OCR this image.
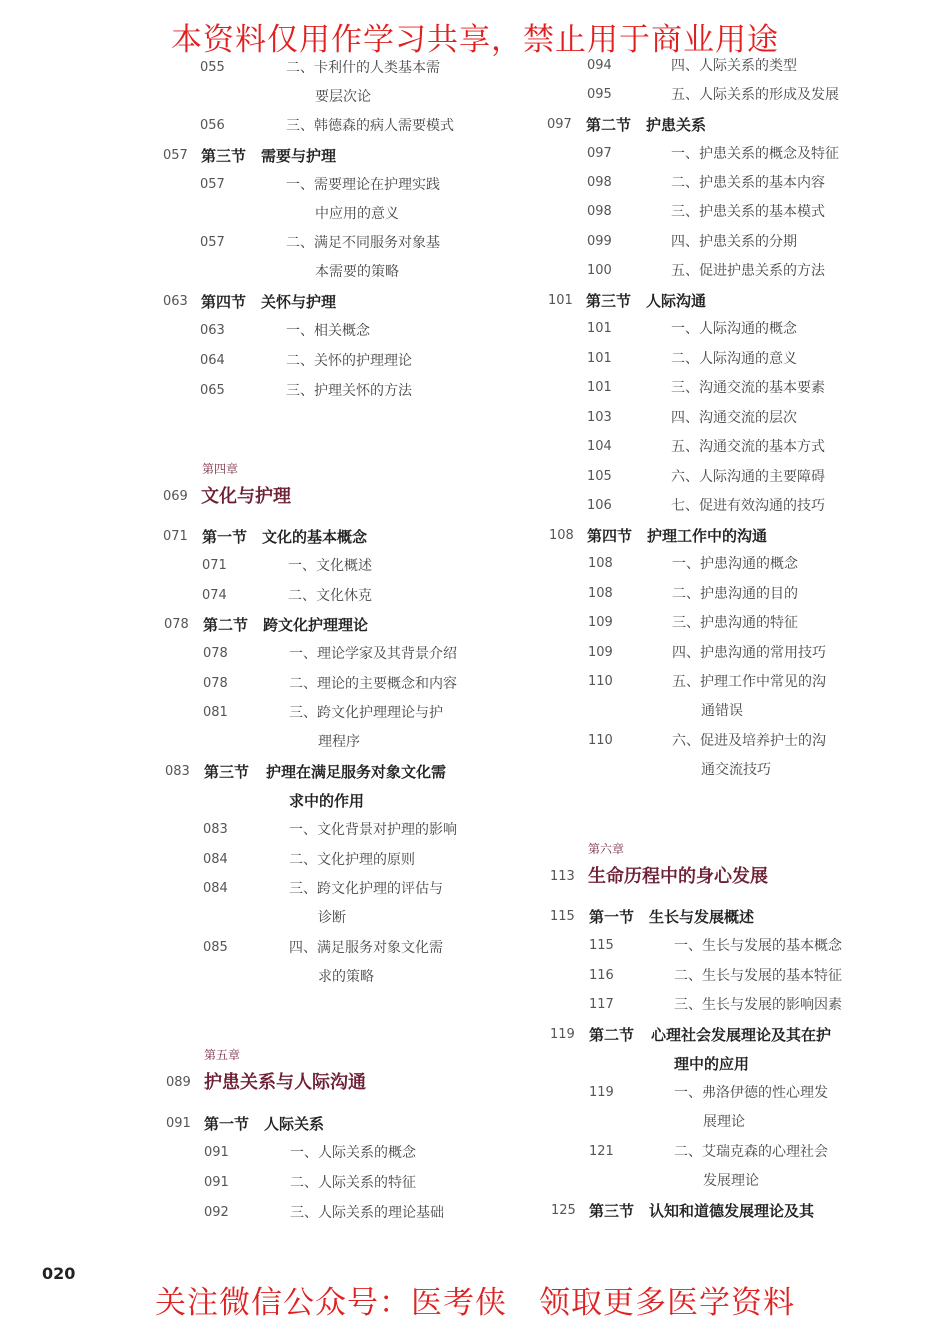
本资料仅用作学习共享，禁止用于商业用途
055	二、卡利什的人类基本需
要层次论
056	三、韩德森的病人需要模式
057 第三节 需要与护理
057	一、需要理论在护理实践
中应用的意义
057	二、满足不同服务对象基
本需要的策略
063 第四节 关怀与护理
063	一、相关概念
064	二、关怀的护理理论
065	三、护理关怀的方法
第四章
069 文化与护理
071 第一节 文化的基本概念
071	一、文化概述
074	二、文化休克
078 第二节 跨文化护理理论
078	一、理论学家及其背景介绍
078	二、理论的主要概念和内容
081	三、跨文化护理理论与护
理程序
083 第三节 护理在满足服务对象文化需
求中的作用
083	一、文化背景对护理的影响
084	二、文化护理的原则
084	三、跨文化护理的评估与
诊断
085	四、满足服务对象文化需
求的策略
第五章
089 护患关系与人际沟通
091 第一节 人际关系
091	一、人际关系的概念
091	二、人际关系的特征
092	三、人际关系的理论基础
094	四、人际关系的类型
095	五、人际关系的形成及发展
097 第二节 护患关系
097	一、护患关系的概念及特征
098	二、护患关系的基本内容
098	三、护患关系的基本模式
099	四、护患关系的分期
100	五、促进护患关系的方法
101 第三节 人际沟通
101	一、人际沟通的概念
101	二、人际沟通的意义
101	三、沟通交流的基本要素
103	四、沟通交流的层次
104	五、沟通交流的基本方式
105	六、人际沟通的主要障碍
106	七、促进有效沟通的技巧
108 第四节 护理工作中的沟通
108	一、护患沟通的概念
108	二、护患沟通的目的
109	三、护患沟通的特征
109	四、护患沟通的常用技巧
110	五、护理工作中常见的沟
通错误
110	六、促进及培养护士的沟
通交流技巧
第六章
113 生命历程中的身心发展
115 第一节 生长与发展概述
115	一、生长与发展的基本概念
116	二、生长与发展的基本特征
117	三、生长与发展的影响因素
119 第二节 心理社会发展理论及其在护
理中的应用
119	一、弗洛伊德的性心理发
展理论
121	二、艾瑞克森的心理社会
发展理论
125 第三节 认知和道德发展理论及其
020
关注微信公众号：医考侠　领取更多医学资料
